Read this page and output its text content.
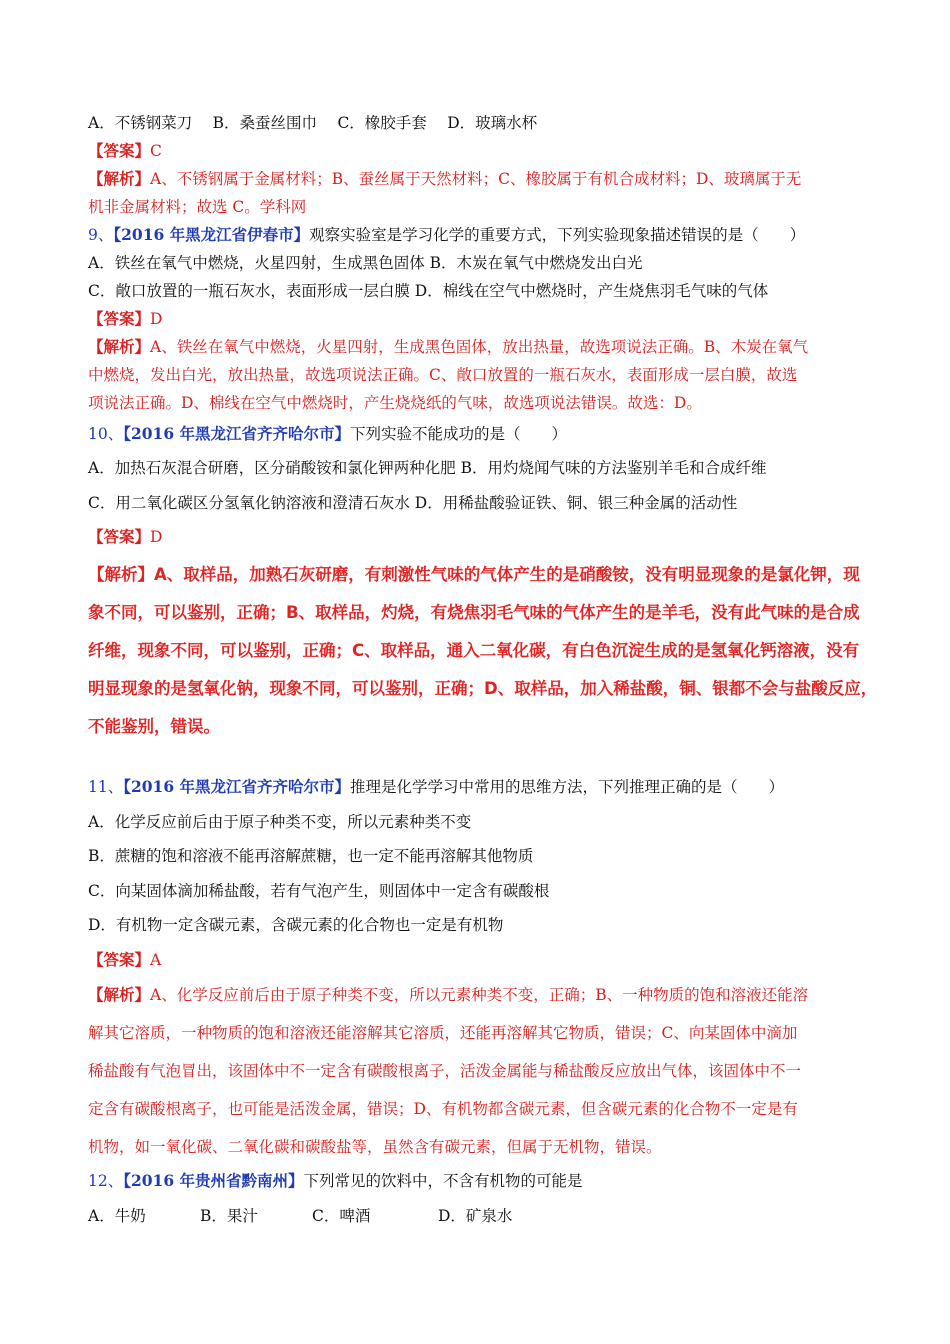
A．不锈钢菜刀　 B．桑蚕丝围巾　 C．橡胶手套　 D．玻璃水杯
【答案】C
【解析】A、不锈钢属于金属材料；B、蚕丝属于天然材料；C、橡胶属于有机合成材料；D、玻璃属于无
机非金属材料；故选 C。学科网
9、【2016 年黑龙江省伊春市】观察实验室是学习化学的重要方式，下列实验现象描述错误的是（　　）
A．铁丝在氧气中燃烧，火星四射，生成黑色固体 B．木炭在氧气中燃烧发出白光
C．敞口放置的一瓶石灰水，表面形成一层白膜 D．棉线在空气中燃烧时，产生烧焦羽毛气味的气体
【答案】D
【解析】A、铁丝在氧气中燃烧，火星四射，生成黑色固体，放出热量，故选项说法正确。B、木炭在氧气
中燃烧，发出白光，放出热量，故选项说法正确。C、敞口放置的一瓶石灰水，表面形成一层白膜，故选
项说法正确。D、棉线在空气中燃烧时，产生烧烧纸的气味，故选项说法错误。故选：D。
10、【2016 年黑龙江省齐齐哈尔市】下列实验不能成功的是（　　）
A．加热石灰混合研磨，区分硝酸铵和氯化钾两种化肥 B．用灼烧闻气味的方法鉴别羊毛和合成纤维
C．用二氧化碳区分氢氧化钠溶液和澄清石灰水 D．用稀盐酸验证铁、铜、银三种金属的活动性
【答案】D
【解析】A、取样品，加熟石灰研磨，有刺激性气味的气体产生的是硝酸铵，没有明显现象的是氯化钾，现
象不同，可以鉴别，正确；B、取样品，灼烧，有烧焦羽毛气味的气体产生的是羊毛，没有此气味的是合成
纤维，现象不同，可以鉴别，正确；C、取样品，通入二氧化碳，有白色沉淀生成的是氢氧化钙溶液，没有
明显现象的是氢氧化钠，现象不同，可以鉴别，正确；D、取样品，加入稀盐酸，铜、银都不会与盐酸反应，
不能鉴别，错误。
11、【2016 年黑龙江省齐齐哈尔市】推理是化学学习中常用的思维方法，下列推理正确的是（　　）
A．化学反应前后由于原子种类不变，所以元素种类不变
B．蔗糖的饱和溶液不能再溶解蔗糖，也一定不能再溶解其他物质
C．向某固体滴加稀盐酸，若有气泡产生，则固体中一定含有碳酸根
D．有机物一定含碳元素，含碳元素的化合物也一定是有机物
【答案】A
【解析】A、化学反应前后由于原子种类不变，所以元素种类不变，正确；B、一种物质的饱和溶液还能溶
解其它溶质，一种物质的饱和溶液还能溶解其它溶质，还能再溶解其它物质，错误；C、向某固体中滴加
稀盐酸有气泡冒出，该固体中不一定含有碳酸根离子，活泼金属能与稀盐酸反应放出气体，该固体中不一
定含有碳酸根离子，也可能是活泼金属，错误；D、有机物都含碳元素，但含碳元素的化合物不一定是有
机物，如一氧化碳、二氧化碳和碳酸盐等，虽然含有碳元素，但属于无机物，错误。
12、【2016 年贵州省黔南州】下列常见的饮料中，不含有机物的可能是
A．牛奶	B．果汁	C．啤酒	D．矿泉水
